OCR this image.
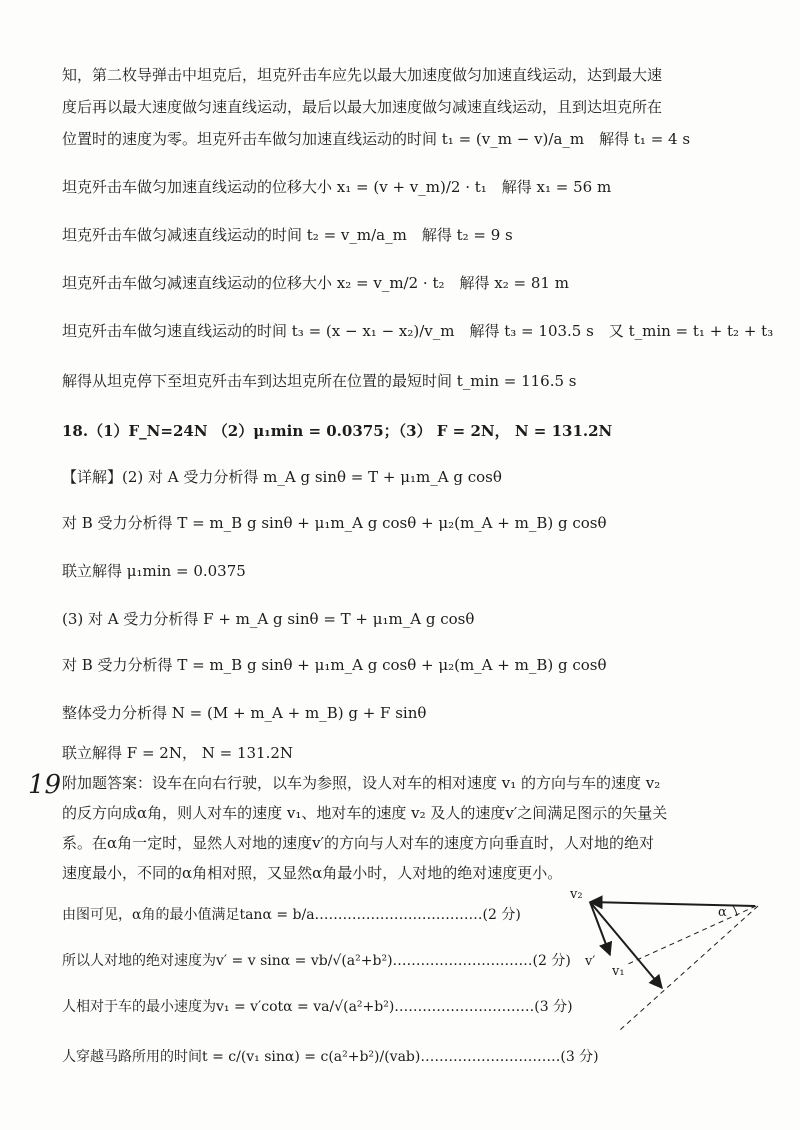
知，第二枚导弹击中坦克后，坦克歼击车应先以最大加速度做匀加速直线运动，达到最大速
度后再以最大速度做匀速直线运动，最后以最大加速度做匀减速直线运动，且到达坦克所在
位置时的速度为零。坦克歼击车做匀加速直线运动的时间 t₁ = (v_m − v)/a_m　解得 t₁ = 4 s
坦克歼击车做匀加速直线运动的位移大小 x₁ = (v + v_m)/2 · t₁　解得 x₁ = 56 m
坦克歼击车做匀减速直线运动的时间 t₂ = v_m/a_m　解得 t₂ = 9 s
坦克歼击车做匀减速直线运动的位移大小 x₂ = v_m/2 · t₂　解得 x₂ = 81 m
坦克歼击车做匀速直线运动的时间 t₃ = (x − x₁ − x₂)/v_m　解得 t₃ = 103.5 s　又 t_min = t₁ + t₂ + t₃
解得从坦克停下至坦克歼击车到达坦克所在位置的最短时间 t_min = 116.5 s
18.（1）F_N=24N （2）μ₁min = 0.0375；（3） F = 2N， N = 131.2N
【详解】(2) 对 A 受力分析得 m_A g sinθ = T + μ₁m_A g cosθ
对 B 受力分析得 T = m_B g sinθ + μ₁m_A g cosθ + μ₂(m_A + m_B) g cosθ
联立解得 μ₁min = 0.0375
(3) 对 A 受力分析得 F + m_A g sinθ = T + μ₁m_A g cosθ
对 B 受力分析得 T = m_B g sinθ + μ₁m_A g cosθ + μ₂(m_A + m_B) g cosθ
整体受力分析得 N = (M + m_A + m_B) g + F sinθ
联立解得 F = 2N， N = 131.2N
19 附加题答案：设车在向右行驶，以车为参照，设人对车的相对速度 v₁ 的方向与车的速度 v₂
的反方向成α角，则人对车的速度 v₁、地对车的速度 v₂ 及人的速度v′之间满足图示的矢量关
系。在α角一定时，显然人对地的速度v′的方向与人对车的速度方向垂直时，人对地的绝对
速度最小，不同的α角相对照，又显然α角最小时，人对地的绝对速度更小。
由图可见，α角的最小值满足tanα = b/a………………………………(2 分)
所以人对地的绝对速度为v′ = v sinα = vb/√(a²+b²)…………………………(2 分)
人相对于车的最小速度为v₁ = v′cotα = va/√(a²+b²)…………………………(3 分)
人穿越马路所用的时间t = c/(v₁ sinα) = c(a²+b²)/(vab)…………………………(3 分)
v₂
α
v′
v₁
